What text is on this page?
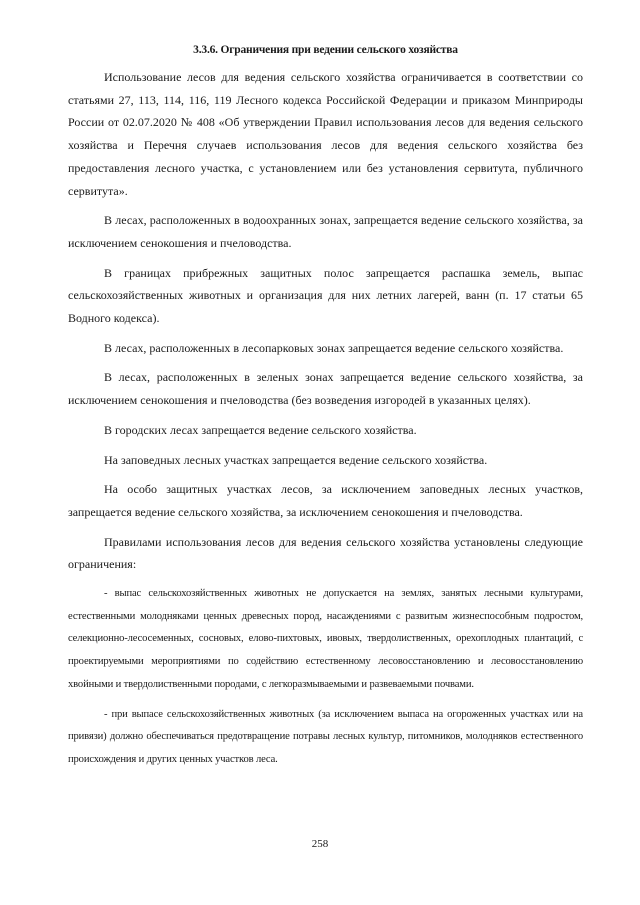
3.3.6. Ограничения при ведении сельского хозяйства

Использование лесов для ведения сельского хозяйства ограничивается в соответствии со статьями 27, 113, 114, 116, 119 Лесного кодекса Российской Федерации и приказом Минприроды России от 02.07.2020 № 408 «Об утверждении Правил использования лесов для ведения сельского хозяйства и Перечня случаев использования лесов для ведения сельского хозяйства без предоставления лесного участка, с установлением или без установления сервитута, публичного сервитута».

В лесах, расположенных в водоохранных зонах, запрещается ведение сельского хозяйства, за исключением сенокошения и пчеловодства.

В границах прибрежных защитных полос запрещается распашка земель, выпас сельскохозяйственных животных и организация для них летних лагерей, ванн (п. 17 статьи 65 Водного кодекса).

В лесах, расположенных в лесопарковых зонах запрещается ведение сельского хозяйства.

В лесах, расположенных в зеленых зонах запрещается ведение сельского хозяйства, за исключением сенокошения и пчеловодства (без возведения изгородей в указанных целях).

В городских лесах запрещается ведение сельского хозяйства.

На заповедных лесных участках запрещается ведение сельского хозяйства.

На особо защитных участках лесов, за исключением заповедных лесных участков, запрещается ведение сельского хозяйства, за исключением сенокошения и пчеловодства.

Правилами использования лесов для ведения сельского хозяйства установлены следующие ограничения:

- выпас сельскохозяйственных животных не допускается на землях, занятых лесными культурами, естественными молодняками ценных древесных пород, насаждениями с развитым жизнеспособным подростом, селекционно-лесосеменных, сосновых, елово-пихтовых, ивовых, твердолиственных, орехоплодных плантаций, с проектируемыми мероприятиями по содействию естественному лесовосстановлению и лесовосстановлению хвойными и твердолиственными породами, с легкоразмываемыми и развеваемыми почвами.

- при выпасе сельскохозяйственных животных (за исключением выпаса на огороженных участках или на привязи) должно обеспечиваться предотвращение потравы лесных культур, питомников, молодняков естественного происхождения и других ценных участков леса.

258
